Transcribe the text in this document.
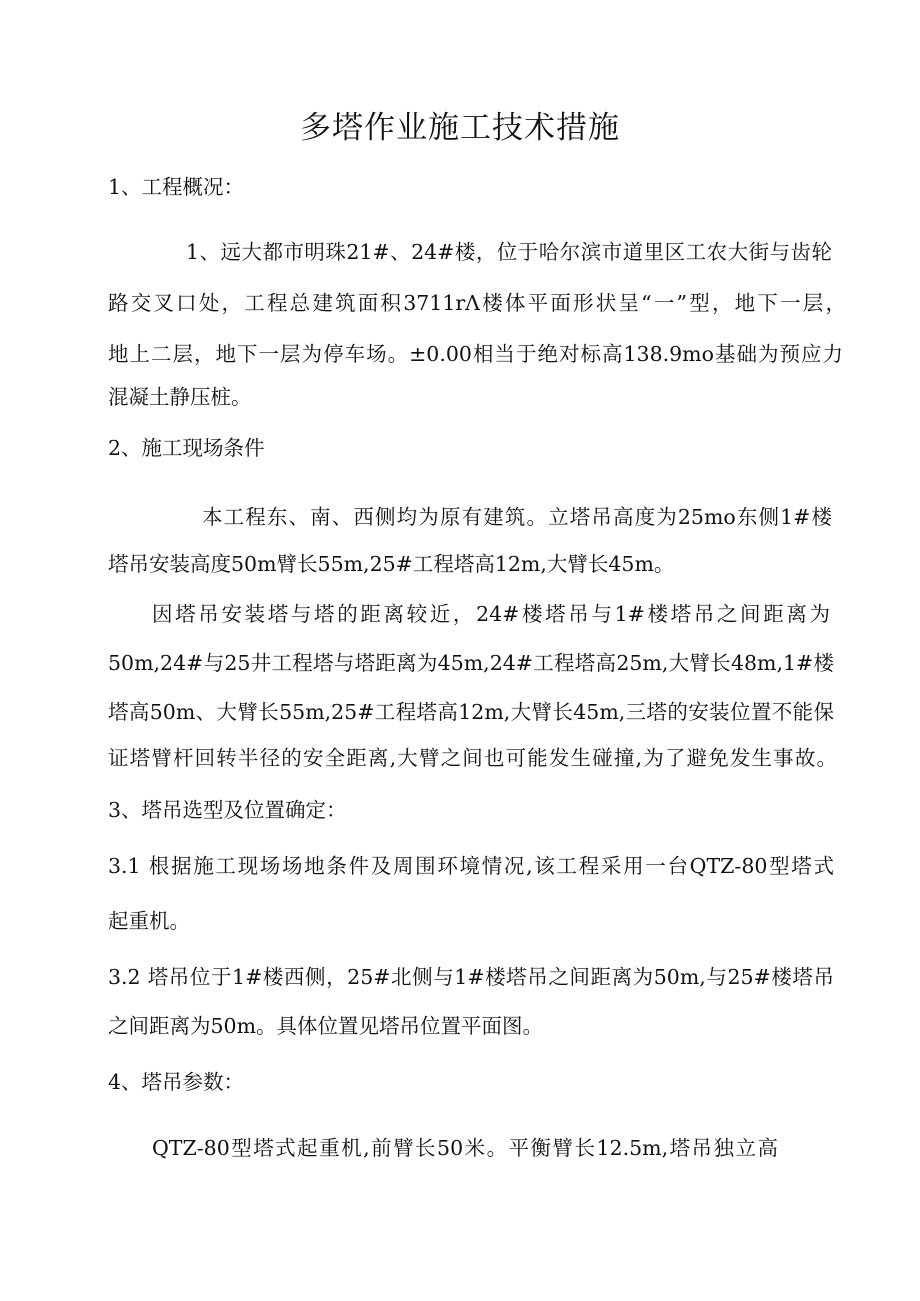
多塔作业施工技术措施
1、工程概况：
1、远大都市明珠21#、24#楼，位于哈尔滨市道里区工农大街与齿轮
路交叉口处，工程总建筑面积3711rΛ楼体平面形状呈“一”型，地下一层，
地上二层，地下一层为停车场。±0.00相当于绝对标高138.9mo基础为预应力
混凝土静压桩。
2、施工现场条件
本工程东、南、西侧均为原有建筑。立塔吊高度为25mo东侧1#楼
塔吊安装高度50m臂长55m,25#工程塔高12m,大臂长45m。
因塔吊安装塔与塔的距离较近，24#楼塔吊与1#楼塔吊之间距离为
50m,24#与25井工程塔与塔距离为45m,24#工程塔高25m,大臂长48m,1#楼
塔高50m、大臂长55m,25#工程塔高12m,大臂长45m,三塔的安装位置不能保
证塔臂杆回转半径的安全距离,大臂之间也可能发生碰撞,为了避免发生事故。
3、塔吊选型及位置确定：
3.1 根据施工现场场地条件及周围环境情况,该工程采用一台QTZ-80型塔式
起重机。
3.2 塔吊位于1#楼西侧，25#北侧与1#楼塔吊之间距离为50m,与25#楼塔吊
之间距离为50m。具体位置见塔吊位置平面图。
4、塔吊参数：
QTZ-80型塔式起重机,前臂长50米。平衡臂长12.5m,塔吊独立高
